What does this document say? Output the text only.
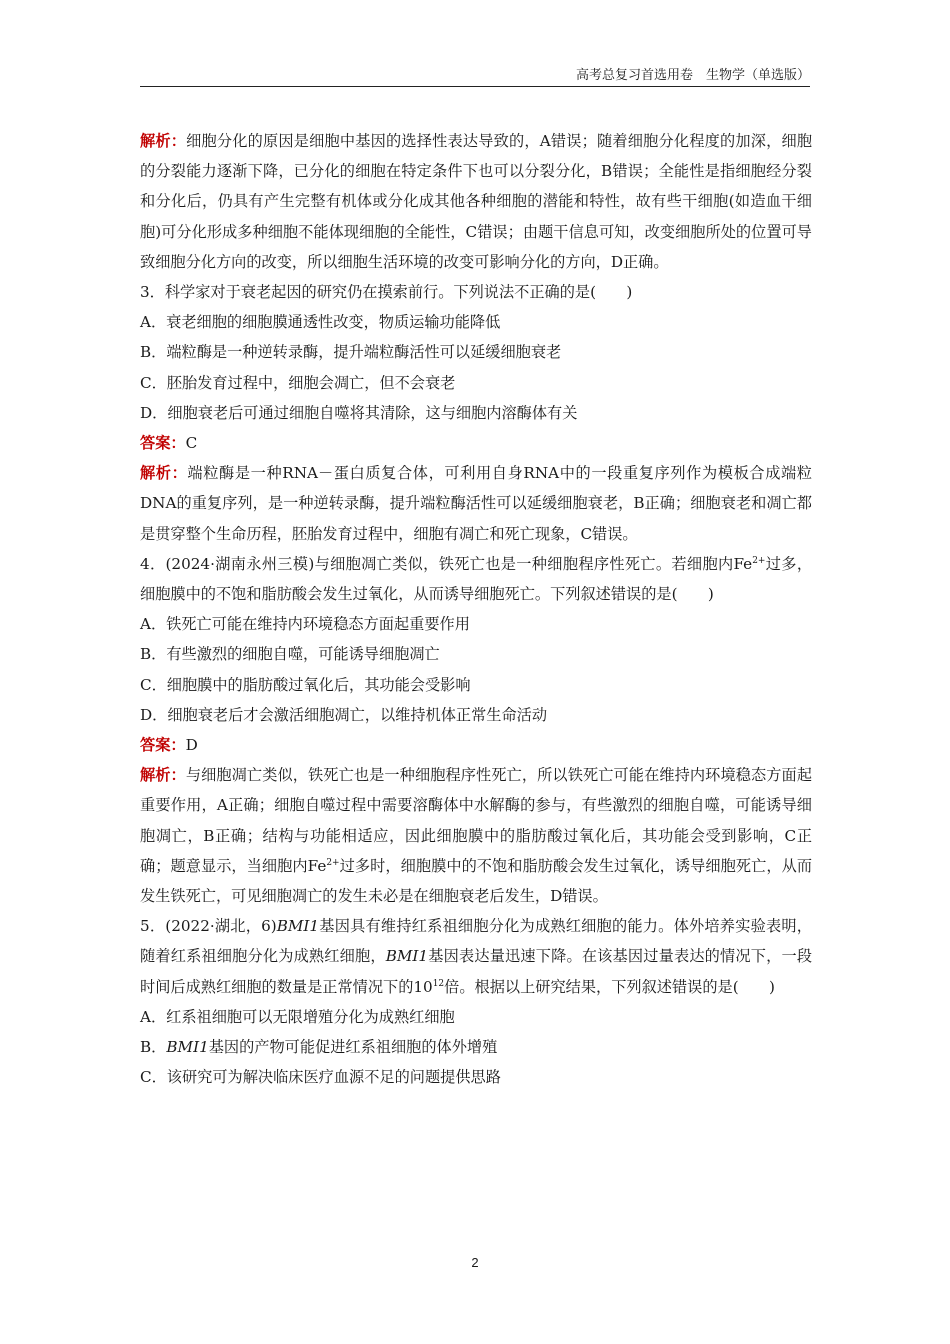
高考总复习首选用卷　生物学（单选版）

解析：细胞分化的原因是细胞中基因的选择性表达导致的，A错误；随着细胞分化程度的加深，细胞的分裂能力逐渐下降，已分化的细胞在特定条件下也可以分裂分化，B错误；全能性是指细胞经分裂和分化后，仍具有产生完整有机体或分化成其他各种细胞的潜能和特性，故有些干细胞(如造血干细胞)可分化形成多种细胞不能体现细胞的全能性，C错误；由题干信息可知，改变细胞所处的位置可导致细胞分化方向的改变，所以细胞生活环境的改变可影响分化的方向，D正确。

3．科学家对于衰老起因的研究仍在摸索前行。下列说法不正确的是(　　)

A．衰老细胞的细胞膜通透性改变，物质运输功能降低

B．端粒酶是一种逆转录酶，提升端粒酶活性可以延缓细胞衰老

C．胚胎发育过程中，细胞会凋亡，但不会衰老

D．细胞衰老后可通过细胞自噬将其清除，这与细胞内溶酶体有关

答案：C

解析：端粒酶是一种RNA－蛋白质复合体，可利用自身RNA中的一段重复序列作为模板合成端粒DNA的重复序列，是一种逆转录酶，提升端粒酶活性可以延缓细胞衰老，B正确；细胞衰老和凋亡都是贯穿整个生命历程，胚胎发育过程中，细胞有凋亡和死亡现象，C错误。

4．(2024·湖南永州三模)与细胞凋亡类似，铁死亡也是一种细胞程序性死亡。若细胞内$Fe^{2+}$过多，细胞膜中的不饱和脂肪酸会发生过氧化，从而诱导细胞死亡。下列叙述错误的是(　　)

A．铁死亡可能在维持内环境稳态方面起重要作用

B．有些激烈的细胞自噬，可能诱导细胞凋亡

C．细胞膜中的脂肪酸过氧化后，其功能会受影响

D．细胞衰老后才会激活细胞凋亡，以维持机体正常生命活动

答案：D

解析：与细胞凋亡类似，铁死亡也是一种细胞程序性死亡，所以铁死亡可能在维持内环境稳态方面起重要作用，A正确；细胞自噬过程中需要溶酶体中水解酶的参与，有些激烈的细胞自噬，可能诱导细胞凋亡，B正确；结构与功能相适应，因此细胞膜中的脂肪酸过氧化后，其功能会受到影响，C正确；题意显示，当细胞内$Fe^{2+}$过多时，细胞膜中的不饱和脂肪酸会发生过氧化，诱导细胞死亡，从而发生铁死亡，可见细胞凋亡的发生未必是在细胞衰老后发生，D错误。

5．(2022·湖北，6)BMI1基因具有维持红系祖细胞分化为成熟红细胞的能力。体外培养实验表明，随着红系祖细胞分化为成熟红细胞，BMI1基因表达量迅速下降。在该基因过量表达的情况下，一段时间后成熟红细胞的数量是正常情况下的$10^{12}$倍。根据以上研究结果，下列叙述错误的是(　　)

A．红系祖细胞可以无限增殖分化为成熟红细胞

B．BMI1基因的产物可能促进红系祖细胞的体外增殖

C．该研究可为解决临床医疗血源不足的问题提供思路

2
